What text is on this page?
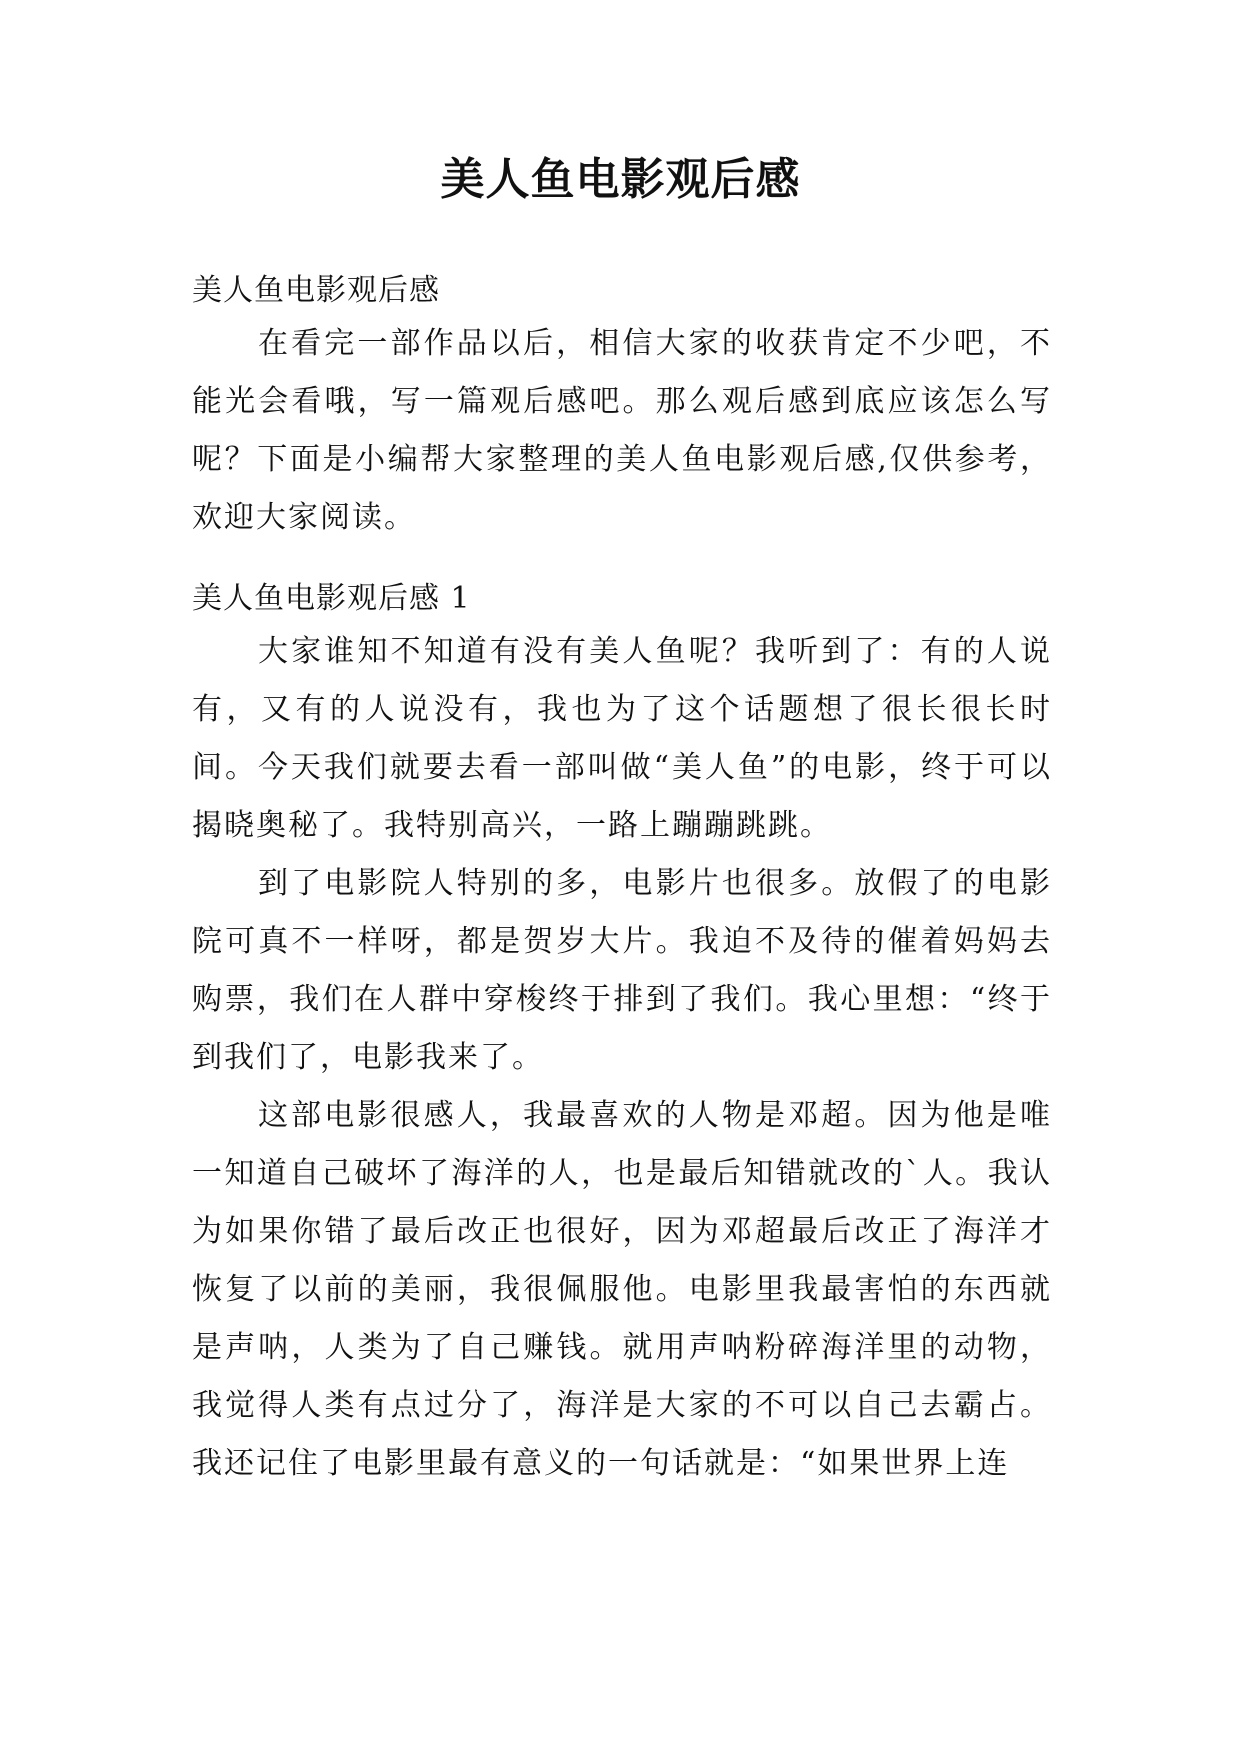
美人鱼电影观后感
美人鱼电影观后感

在看完一部作品以后，相信大家的收获肯定不少吧，不能光会看哦，写一篇观后感吧。那么观后感到底应该怎么写呢？下面是小编帮大家整理的美人鱼电影观后感,仅供参考，欢迎大家阅读。

美人鱼电影观后感 1

大家谁知不知道有没有美人鱼呢？我听到了：有的人说有，又有的人说没有，我也为了这个话题想了很长很长时间。今天我们就要去看一部叫做“美人鱼”的电影，终于可以揭晓奥秘了。我特别高兴，一路上蹦蹦跳跳。

到了电影院人特别的多，电影片也很多。放假了的电影院可真不一样呀，都是贺岁大片。我迫不及待的催着妈妈去购票，我们在人群中穿梭终于排到了我们。我心里想：“终于到我们了，电影我来了。

这部电影很感人，我最喜欢的人物是邓超。因为他是唯一知道自己破坏了海洋的人，也是最后知错就改的`人。我认为如果你错了最后改正也很好，因为邓超最后改正了海洋才恢复了以前的美丽，我很佩服他。电影里我最害怕的东西就是声呐，人类为了自己赚钱。就用声呐粉碎海洋里的动物，我觉得人类有点过分了，海洋是大家的不可以自己去霸占。我还记住了电影里最有意义的一句话就是：“如果世界上连
